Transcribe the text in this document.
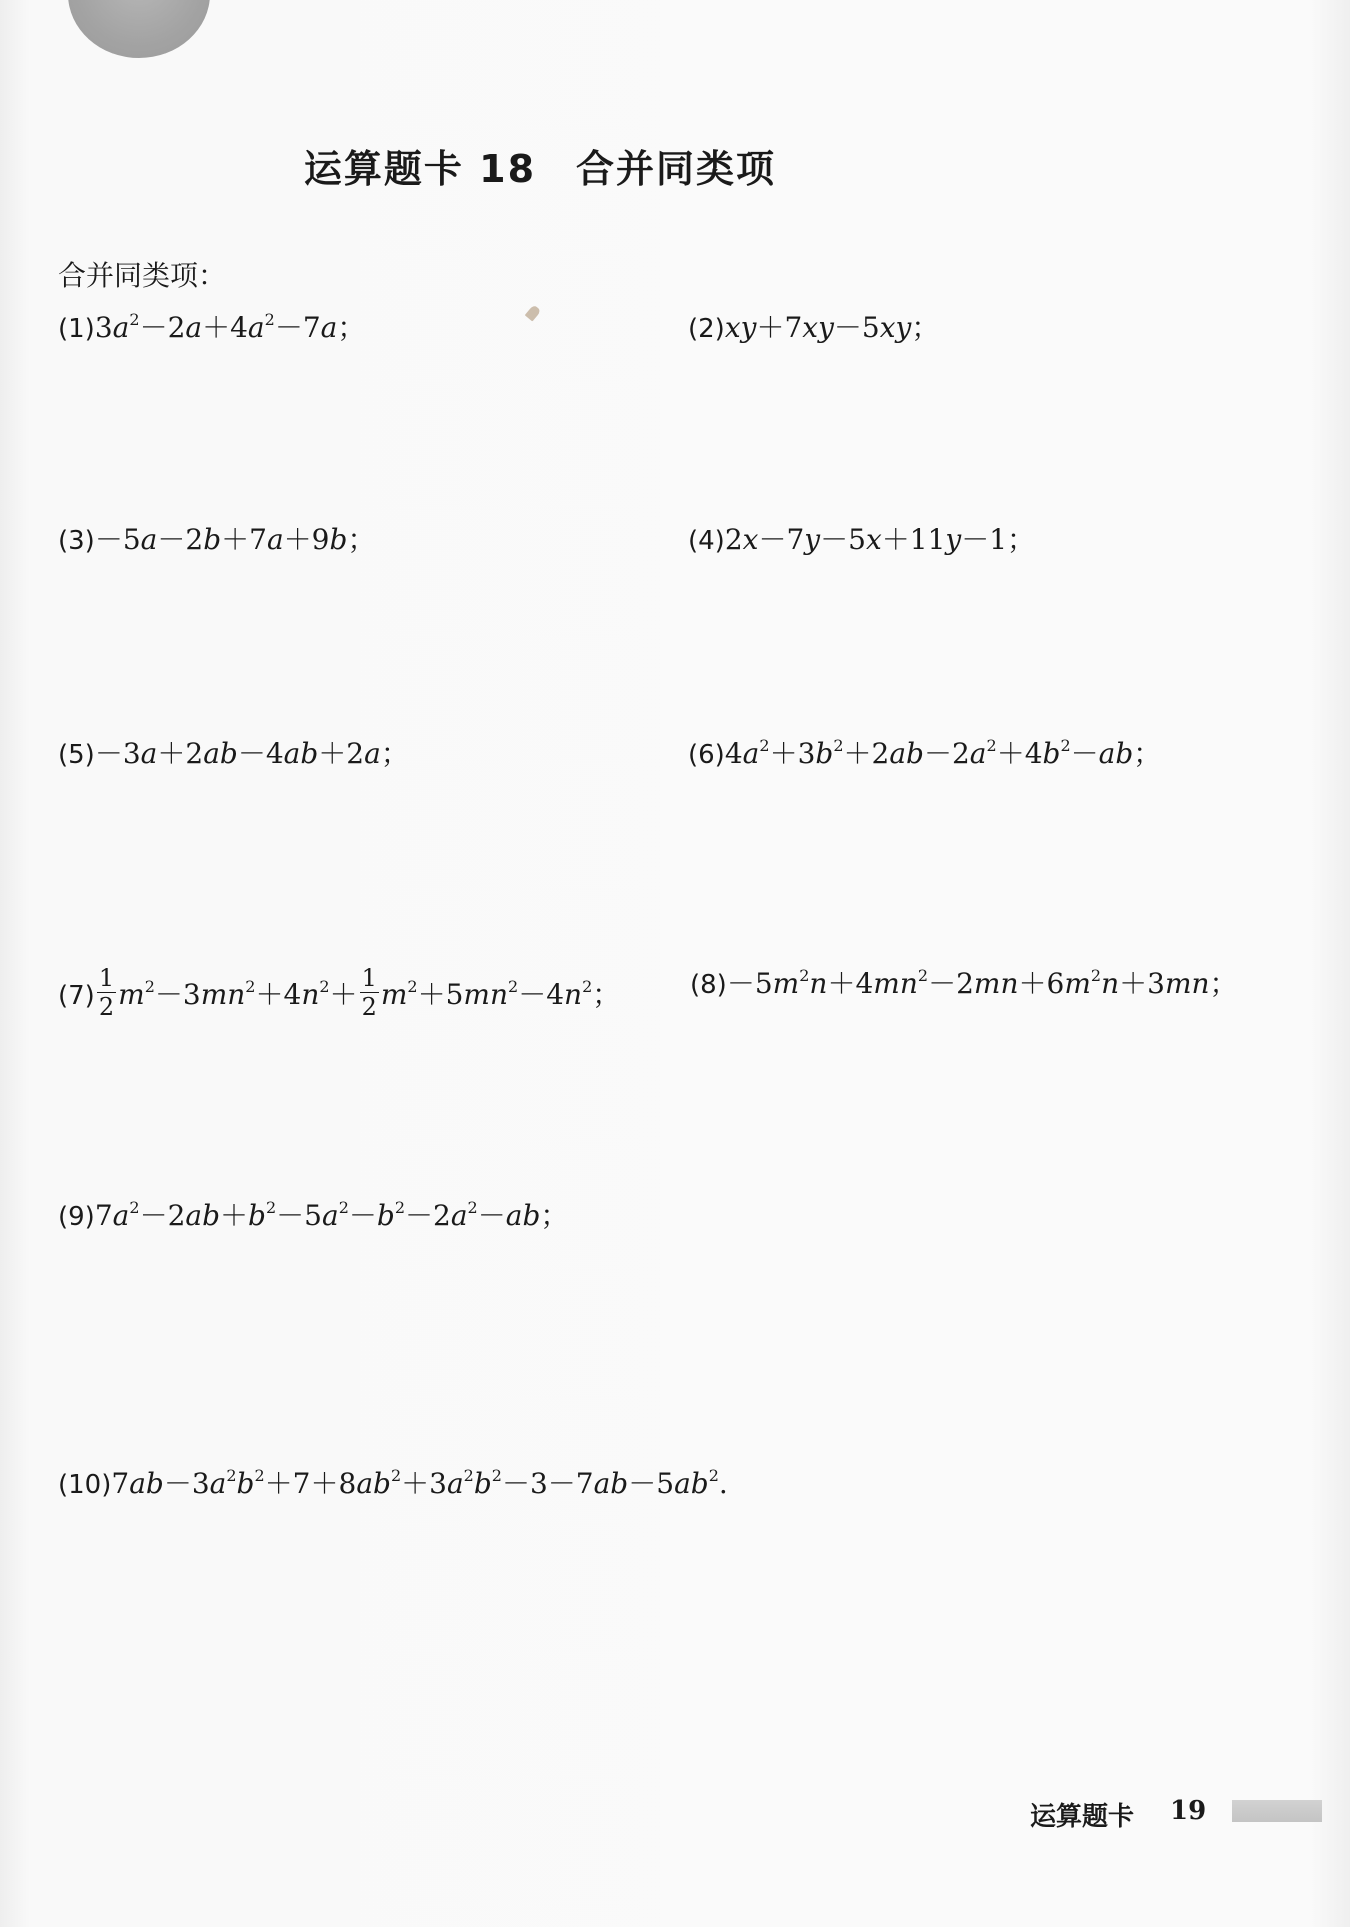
运算题卡 18 合并同类项
合并同类项：
$(1)3a^2-2a+4a^2-7a$；	(2)xy＋7xy－5xy；
(3)－5a－2b＋7a＋9b；	(4)2x－7y－5x＋11y－1；
(5)－3a＋2ab－4ab＋2a；	$(6)4a^2+3b^2+2ab-2a^2+4b^2-ab$；
$(7) \frac{1}{2} m^2-3mn^2+4n^2+ \frac{1}{2} m^2+5mn^2-4n^2$；	$(8)-5m^2n+4mn^2-2mn+6m^2n+3mn$；
$(9)7a^2-2ab+b^2-5a^2-b^2-2a^2-ab$；
$(10)7ab-3a^2b^2+7+8ab^2+3a^2b^2-3-7ab-5ab^2$.
运算题卡 19
